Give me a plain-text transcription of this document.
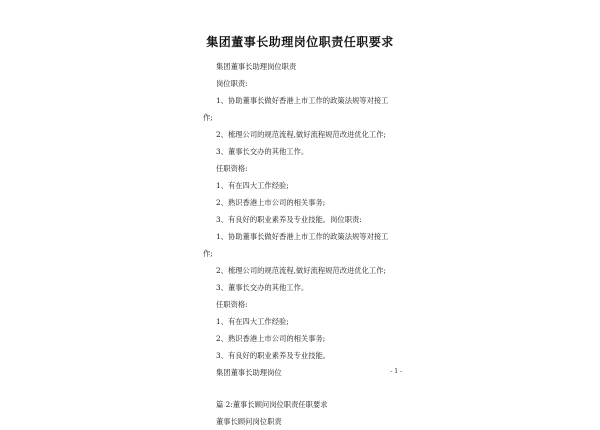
集团董事长助理岗位职责任职要求
集团董事长助理岗位职责
岗位职责:
1、协助董事长做好香港上市工作的政策法规等对接工
作;
2、梳理公司的规范流程,做好流程规范改进优化工作;
3、董事长交办的其他工作。
任职资格:
1、有在四大工作经验;
2、熟识香港上市公司的相关事务;
3、有良好的职业素养及专业技能。岗位职责:
1、协助董事长做好香港上市工作的政策法规等对接工
作;
2、梳理公司的规范流程,做好流程规范改进优化工作;
3、董事长交办的其他工作。
任职资格:
1、有在四大工作经验;
2、熟识香港上市公司的相关事务;
3、有良好的职业素养及专业技能。
集团董事长助理岗位
篇 2:董事长顾问岗位职责任职要求
董事长顾问岗位职责
- 1 -
